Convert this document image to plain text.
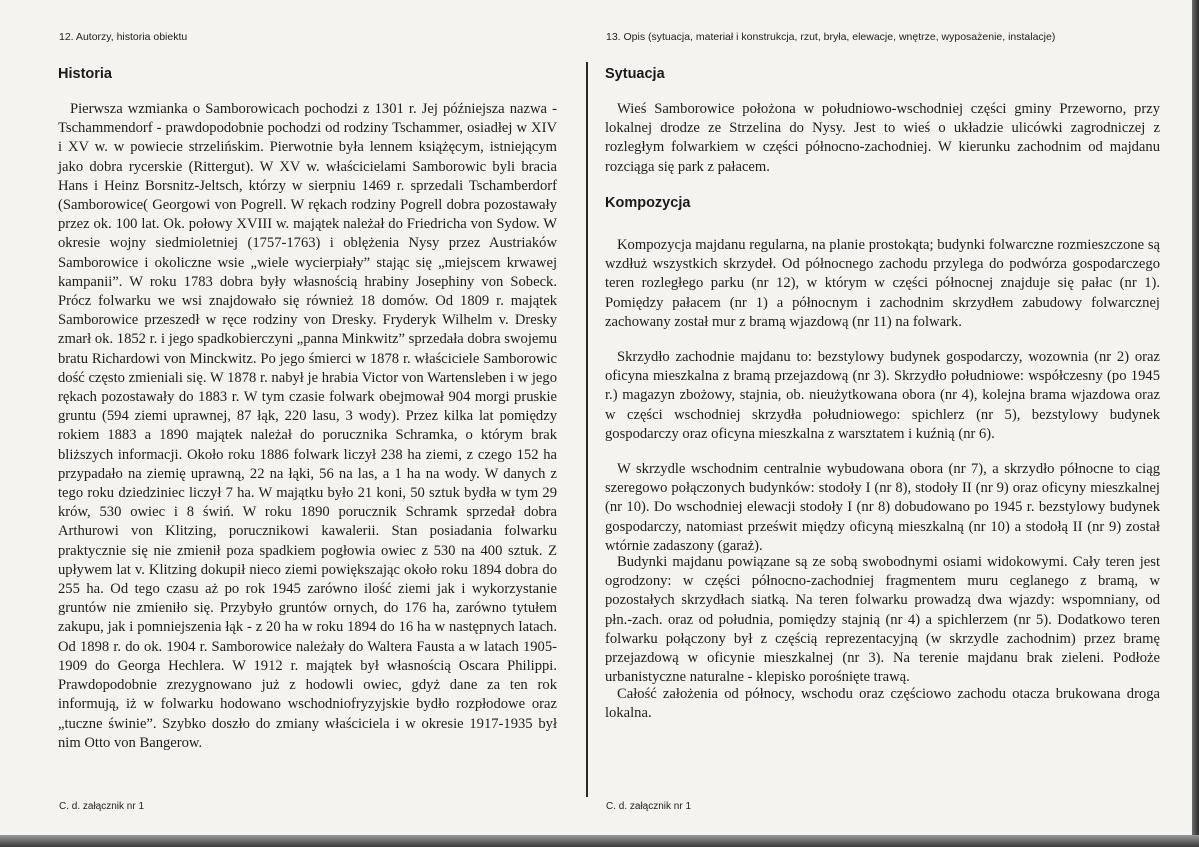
12. Autorzy, historia obiektu
Historia

Pierwsza wzmianka o Samborowicach pochodzi z 1301 r. Jej późniejsza nazwa - Tschammendorf - prawdopodobnie pochodzi od rodziny Tschammer, osiadłej w XIV i XV w. w powiecie strzelińskim. Pierwotnie była lennem książęcym, istniejącym jako dobra rycerskie (Rittergut). W XV w. właścicielami Samborowic byli bracia Hans i Heinz Borsnitz-Jeltsch, którzy w sierpniu 1469 r. sprzedali Tschamberdorf (Samborowice( Georgowi von Pogrell. W rękach rodziny Pogrell dobra pozostawały przez ok. 100 lat. Ok. połowy XVIII w. majątek należał do Friedricha von Sydow. W okresie wojny siedmioletniej (1757-1763) i oblężenia Nysy przez Austriaków Samborowice i okoliczne wsie „wiele wycierpiały” stając się „miejscem krwawej kampanii”. W roku 1783 dobra były własnością hrabiny Josephiny von Sobeck. Prócz folwarku we wsi znajdowało się również 18 domów. Od 1809 r. majątek Samborowice przeszedł w ręce rodziny von Dresky. Fryderyk Wilhelm v. Dresky zmarł ok. 1852 r. i jego spadkobierczyni „panna Minkwitz” sprzedała dobra swojemu bratu Richardowi von Minckwitz. Po jego śmierci w 1878 r. właściciele Samborowic dość często zmieniali się. W 1878 r. nabył je hrabia Victor von Wartensleben i w jego rękach pozostawały do 1883 r. W tym czasie folwark obejmował 904 morgi pruskie gruntu (594 ziemi uprawnej, 87 łąk, 220 lasu, 3 wody). Przez kilka lat pomiędzy rokiem 1883 a 1890 majątek należał do porucznika Schramka, o którym brak bliższych informacji. Około roku 1886 folwark liczył 238 ha ziemi, z czego 152 ha przypadało na ziemię uprawną, 22 na łąki, 56 na las, a 1 ha na wody. W danych z tego roku dziedziniec liczył 7 ha. W majątku było 21 koni, 50 sztuk bydła w tym 29 krów, 530 owiec i 8 świń. W roku 1890 porucznik Schramk sprzedał dobra Arthurowi von Klitzing, porucznikowi kawalerii. Stan posiadania folwarku praktycznie się nie zmienił poza spadkiem pogłowia owiec z 530 na 400 sztuk. Z upływem lat v. Klitzing dokupił nieco ziemi powiększając około roku 1894 dobra do 255 ha. Od tego czasu aż po rok 1945 zarówno ilość ziemi jak i wykorzystanie gruntów nie zmieniło się. Przybyło gruntów ornych, do 176 ha, zarówno tytułem zakupu, jak i pomniejszenia łąk - z 20 ha w roku 1894 do 16 ha w następnych latach. Od 1898 r. do ok. 1904 r. Samborowice należały do Waltera Fausta a w latach 1905-1909 do Georga Hechlera. W 1912 r. majątek był własnością Oscara Philippi. Prawdopodobnie zrezygnowano już z hodowli owiec, gdyż dane za ten rok informują, iż w folwarku hodowano wschodniofryzyjskie bydło rozpłodowe oraz „tuczne świnie”. Szybko doszło do zmiany właściciela i w okresie 1917-1935 był nim Otto von Bangerow.

C. d. załącznik nr 1
13. Opis (sytuacja, materiał i konstrukcja, rzut, bryła, elewacje, wnętrze, wyposażenie, instalacje)
Sytuacja

Wieś Samborowice położona w południowo-wschodniej części gminy Przeworno, przy lokalnej drodze ze Strzelina do Nysy. Jest to wieś o układzie ulicówki zagrodniczej z rozległym folwarkiem w części północno-zachodniej. W kierunku zachodnim od majdanu rozciąga się park z pałacem.

Kompozycja

Kompozycja majdanu regularna, na planie prostokąta; budynki folwarczne rozmieszczone są wzdłuż wszystkich skrzydeł. Od północnego zachodu przylega do podwórza gospodarczego teren rozległego parku (nr 12), w którym w części północnej znajduje się pałac (nr 1). Pomiędzy pałacem (nr 1) a północnym i zachodnim skrzydłem zabudowy folwarcznej zachowany został mur z bramą wjazdową (nr 11) na folwark.

Skrzydło zachodnie majdanu to: bezstylowy budynek gospodarczy, wozownia (nr 2) oraz oficyna mieszkalna z bramą przejazdową (nr 3). Skrzydło południowe: współczesny (po 1945 r.) magazyn zbożowy, stajnia, ob. nieużytkowana obora (nr 4), kolejna brama wjazdowa oraz w części wschodniej skrzydła południowego: spichlerz (nr 5), bezstylowy budynek gospodarczy oraz oficyna mieszkalna z warsztatem i kuźnią (nr 6).

W skrzydle wschodnim centralnie wybudowana obora (nr 7), a skrzydło północne to ciąg szeregowo połączonych budynków: stodoły I (nr 8), stodoły II (nr 9) oraz oficyny mieszkalnej (nr 10). Do wschodniej elewacji stodoły I (nr 8) dobudowano po 1945 r. bezstylowy budynek gospodarczy, natomiast prześwit między oficyną mieszkalną (nr 10) a stodołą II (nr 9) został wtórnie zadaszony (garaż).

Budynki majdanu powiązane są ze sobą swobodnymi osiami widokowymi. Cały teren jest ogrodzony: w części północno-zachodniej fragmentem muru ceglanego z bramą, w pozostałych skrzydłach siatką. Na teren folwarku prowadzą dwa wjazdy: wspomniany, od płn.-zach. oraz od południa, pomiędzy stajnią (nr 4) a spichlerzem (nr 5). Dodatkowo teren folwarku połączony był z częścią reprezentacyjną (w skrzydle zachodnim) przez bramę przejazdową w oficynie mieszkalnej (nr 3). Na terenie majdanu brak zieleni. Podłoże urbanistyczne naturalne - klepisko porośnięte trawą.

Całość założenia od północy, wschodu oraz częściowo zachodu otacza brukowana droga lokalna.

C. d. załącznik nr 1
